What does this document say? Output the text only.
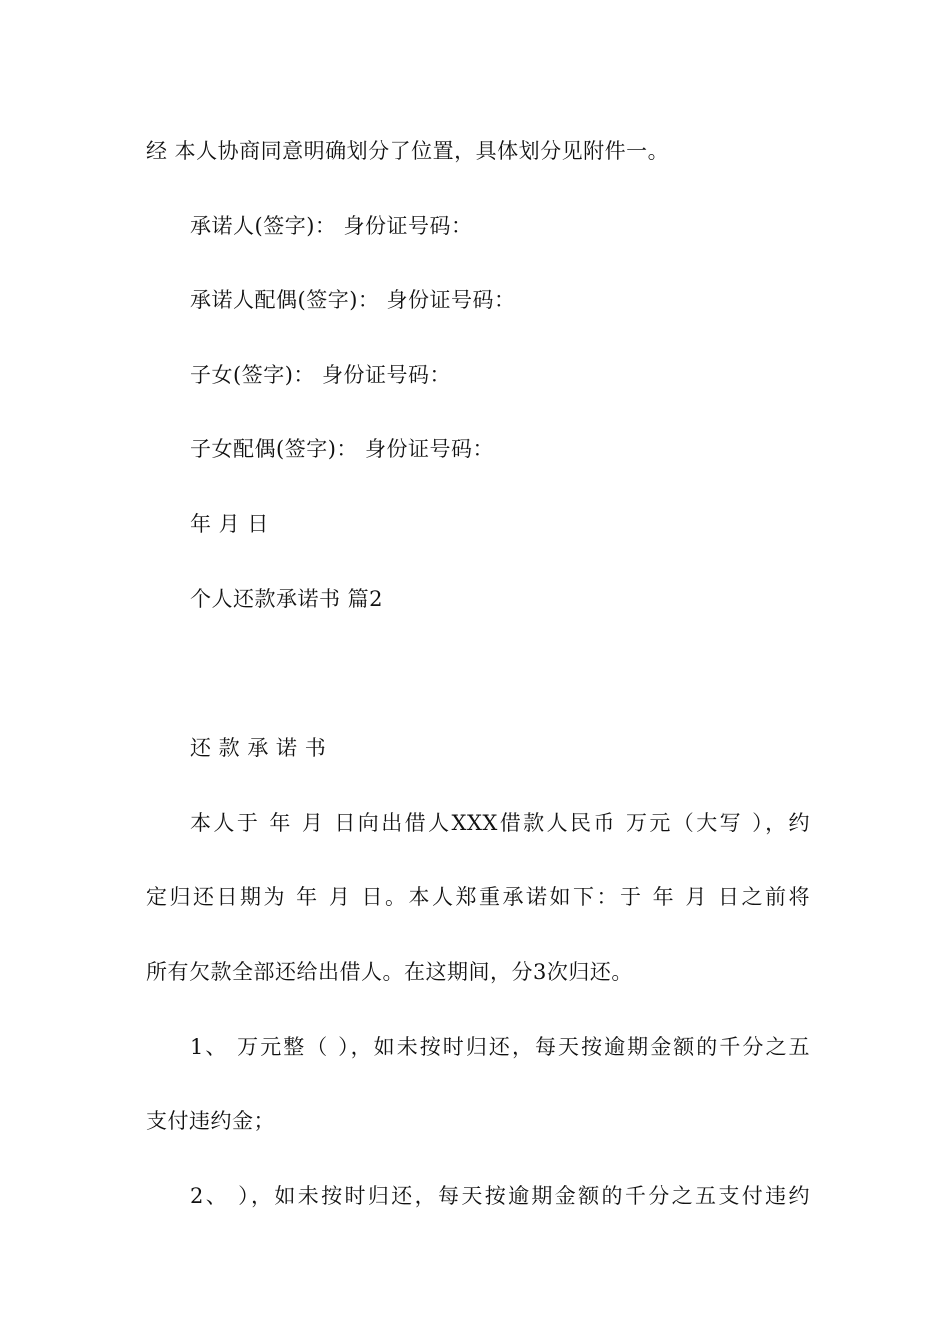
经 本人协商同意明确划分了位置，具体划分见附件一。
承诺人(签字)： 身份证号码：
承诺人配偶(签字)： 身份证号码：
子女(签字)： 身份证号码：
子女配偶(签字)： 身份证号码：
年 月 日
个人还款承诺书 篇2
还 款 承 诺 书
本人于 年 月 日向出借人XXX借款人民币 万元（大写 ），约
定归还日期为 年 月 日。本人郑重承诺如下：于 年 月 日之前将
所有欠款全部还给出借人。在这期间，分3次归还。
1、 万元整（ ），如未按时归还，每天按逾期金额的千分之五
支付违约金；
2、 ），如未按时归还，每天按逾期金额的千分之五支付违约
